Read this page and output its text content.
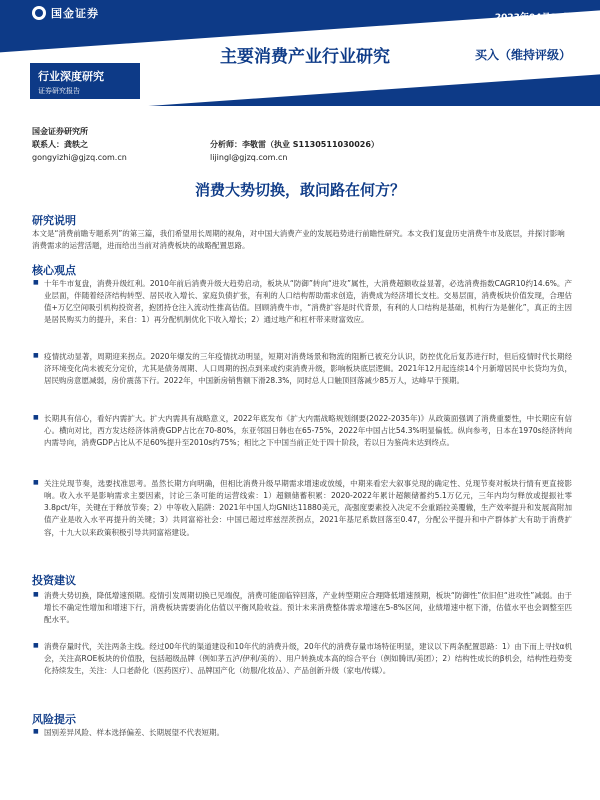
国金证券	2023年04月15日
主要消费产业行业研究	买入（维持评级）
行业深度研究
证券研究报告
国金证券研究所
联系人：龚轶之
gongyizhi@gjzq.com.cn
分析师：李敬雷（执业 S1130511030026）
lijingl@gjzq.com.cn
消费大势切换，敢问路在何方？
研究说明
本文是“消费前瞻专题系列”的第三篇，我们希望用长周期的视角，对中国大消费产业的发展趋势进行前瞻性研究。本文我们复盘历史消费牛市及底层，并探讨影响消费需求的运营活题，进而给出当前对消费板块的战略配置思路。
核心观点
■ 十年牛市复盘，消费升级红利。2010年前后消费升级大趋势启动，板块从“防御”转向“进攻”属性，大消费超额收益显著，必选消费指数CAGR10约14.6%。产业层面，伴随着经济结构转型、居民收入增长、家庭负债扩张，有利的人口结构帮助需求创造，消费成为经济增长支柱。交易层面，消费板块价值发现，合理估值+万亿空间吸引机构投资者，抱团持仓注入流动性推高估值。回顾消费牛市，“消费扩容是时代背景，有利的人口结构是基础，机构行为是催化”，真正的主因是居民购买力的提升，来自：1）再分配机制优化下收入增长；2）通过地产和杠杆带来财富效应。
■ 疫情扰动显著，周期迎来拐点。2020年爆发的三年疫情扰动明显，短期对消费场景和物流的阻断已被充分认识，防控优化后复苏进行时，但后疫情时代长期经济环境变化尚未被充分定价，尤其是债务周期、人口周期的拐点到来或约束消费升级，影响板块底层逻辑。2021年12月起连续14个月新增居民中长贷均为负，居民购房意愿减弱，房价震荡下行。2022年，中国新房销售额下滑28.3%，同时总人口触顶回落减少85万人，达峰早于预期。
■ 长期具有信心，看好内需扩大。扩大内需具有战略意义，2022年底发布《扩大内需战略规划纲要(2022-2035年)》从政策面强调了消费重要性，中长期应有信心。横向对比，西方发达经济体消费GDP占比在70-80%，东亚邻国日韩也在65-75%，2022年中国占比54.3%明显偏低。纵向参考，日本在1970s经济转向内需导向，消费GDP占比从不足60%提升至2010s约75%；相比之下中国当前正处于四十阶段，若以日为鉴尚未达到终点。
■ 关注兑现节奏，选要找准思考。虽然长期方向明确，但相比消费升级早期需求增速或放缓，中期来看宏大叙事兑现的确定性、兑现节奏对板块行情有更直接影响。收入水平是影响需求主要因素，讨论三条可能的运营线索：1）超额储蓄积累：2020-2022年累计超额储蓄约5.1万亿元，三年内均匀释放或提振社零3.8pct/年，关键在于释放节奏；2）中等收入陷阱：2021年中国人均GNI达11880美元，高强度要素投入决定不会重蹈拉美覆辙，生产效率提升和发展高附加值产业是收入水平再提升的关键；3）共同富裕社会：中国已超过库兹涅茨拐点，2021年基尼系数回落至0.47，分配公平提升和中产群体扩大有助于消费扩容，十九大以来政策积极引导共同富裕建设。
投资建议
■ 消费大势切换，降低增速预期。疫情引发周期切换已见端倪，消费可能面临锌回落，产业转型期应合理降低增速预期，板块“防御性”依旧但“进攻性”减弱。由于增长不确定性增加和增速下行，消费板块需要消化估值以平衡风险收益。预计未来消费整体需求增速在5-8%区间，业绩增速中枢下滑，估值水平也会调整至匹配水平。
■ 消费存量时代，关注两条主线。经过00年代的渠道建设和10年代的消费升级，20年代的消费存量市场特征明显，建议以下两条配置思路：1）由下而上寻找α机会，关注高ROE板块的价值股，包括超级品牌（例如茅五泸/伊利/美的）、用户转换成本高的综合平台（例如腾讯/美团）；2）结构性成长的β机会，结构性趋势变化持续发生，关注：人口老龄化（医药医疗）、品牌国产化（纺服/化妆品）、产品创新升级（家电/传媒）。
风险提示
■ 国别差异风险、样本选择偏差、长期展望不代表短期。
